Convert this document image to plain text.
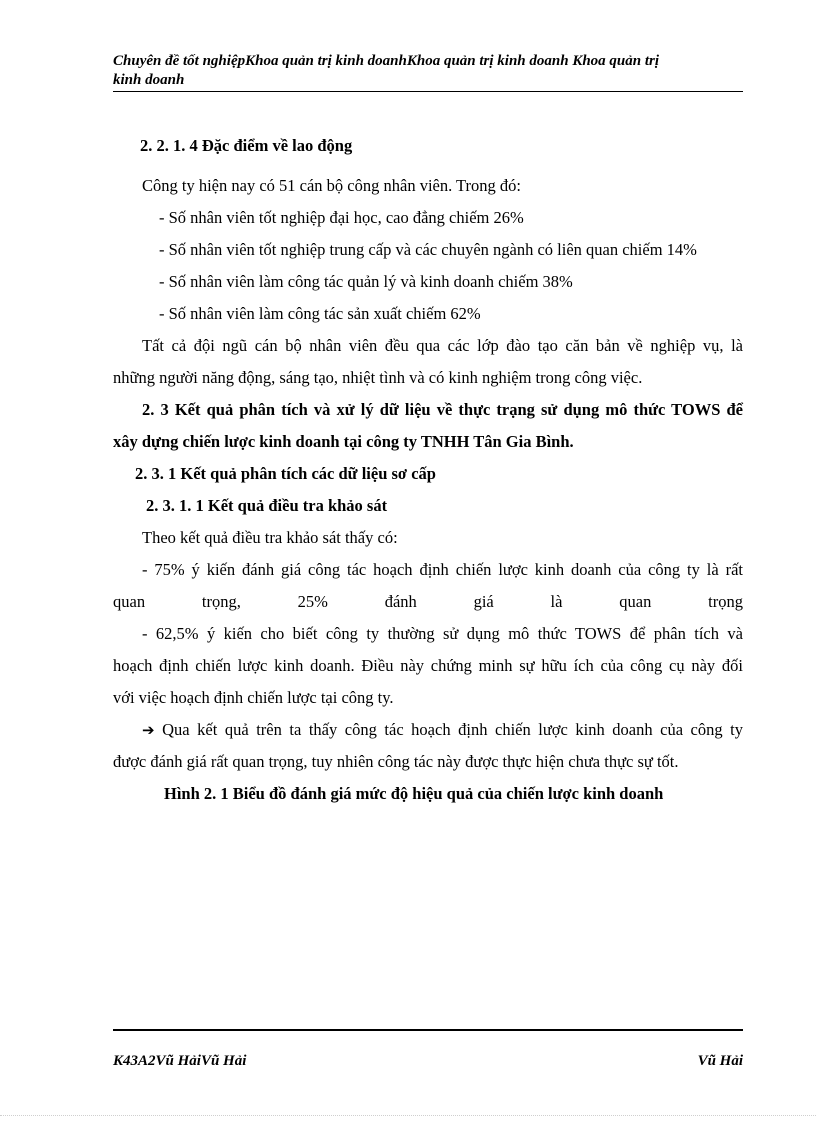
Chuyên đề tốt nghiệpKhoa quản trị kinh doanhKhoa quản trị kinh doanh Khoa quản trị
kinh doanh
2. 2. 1. 4 Đặc điểm về lao động
Công ty hiện nay có 51 cán bộ công nhân viên. Trong đó:
- Số nhân viên tốt nghiệp đại học, cao đẳng chiếm 26%
- Số nhân viên tốt nghiệp trung cấp và các chuyên ngành có liên quan chiếm 14%
- Số nhân viên làm công tác quản lý và kinh doanh chiếm 38%
- Số nhân viên làm công tác sản xuất chiếm 62%
Tất cả đội ngũ cán bộ nhân viên đều qua các lớp đào tạo căn bản về nghiệp vụ, là
những người năng động, sáng tạo, nhiệt tình và có kinh nghiệm trong công việc.
2. 3 Kết quả phân tích và xử lý dữ liệu về thực trạng sử dụng mô thức TOWS để
xây dựng chiến lược kinh doanh tại công ty TNHH Tân Gia Bình.
2. 3. 1 Kết quả phân tích các dữ liệu sơ cấp
2. 3. 1. 1 Kết quả điều tra khảo sát
Theo kết quả điều tra khảo sát thấy có:
- 75% ý kiến đánh giá công tác hoạch định chiến lược kinh doanh của công ty là rất
quan	trọng,	25%	đánh	giá	là	quan	trọng
- 62,5% ý kiến cho biết công ty thường sử dụng mô thức TOWS để phân tích và
hoạch định chiến lược kinh doanh. Điều này chứng minh sự hữu ích của công cụ này đối
với việc hoạch định chiến lược tại công ty.
➔ Qua kết quả trên ta thấy công tác hoạch định chiến lược kinh doanh của công ty
được đánh giá rất quan trọng, tuy nhiên công tác này được thực hiện chưa thực sự tốt.
Hình 2. 1 Biểu đồ đánh giá mức độ hiệu quả của chiến lược kinh doanh
K43A2Vũ HảiVũ Hải	Vũ Hải
